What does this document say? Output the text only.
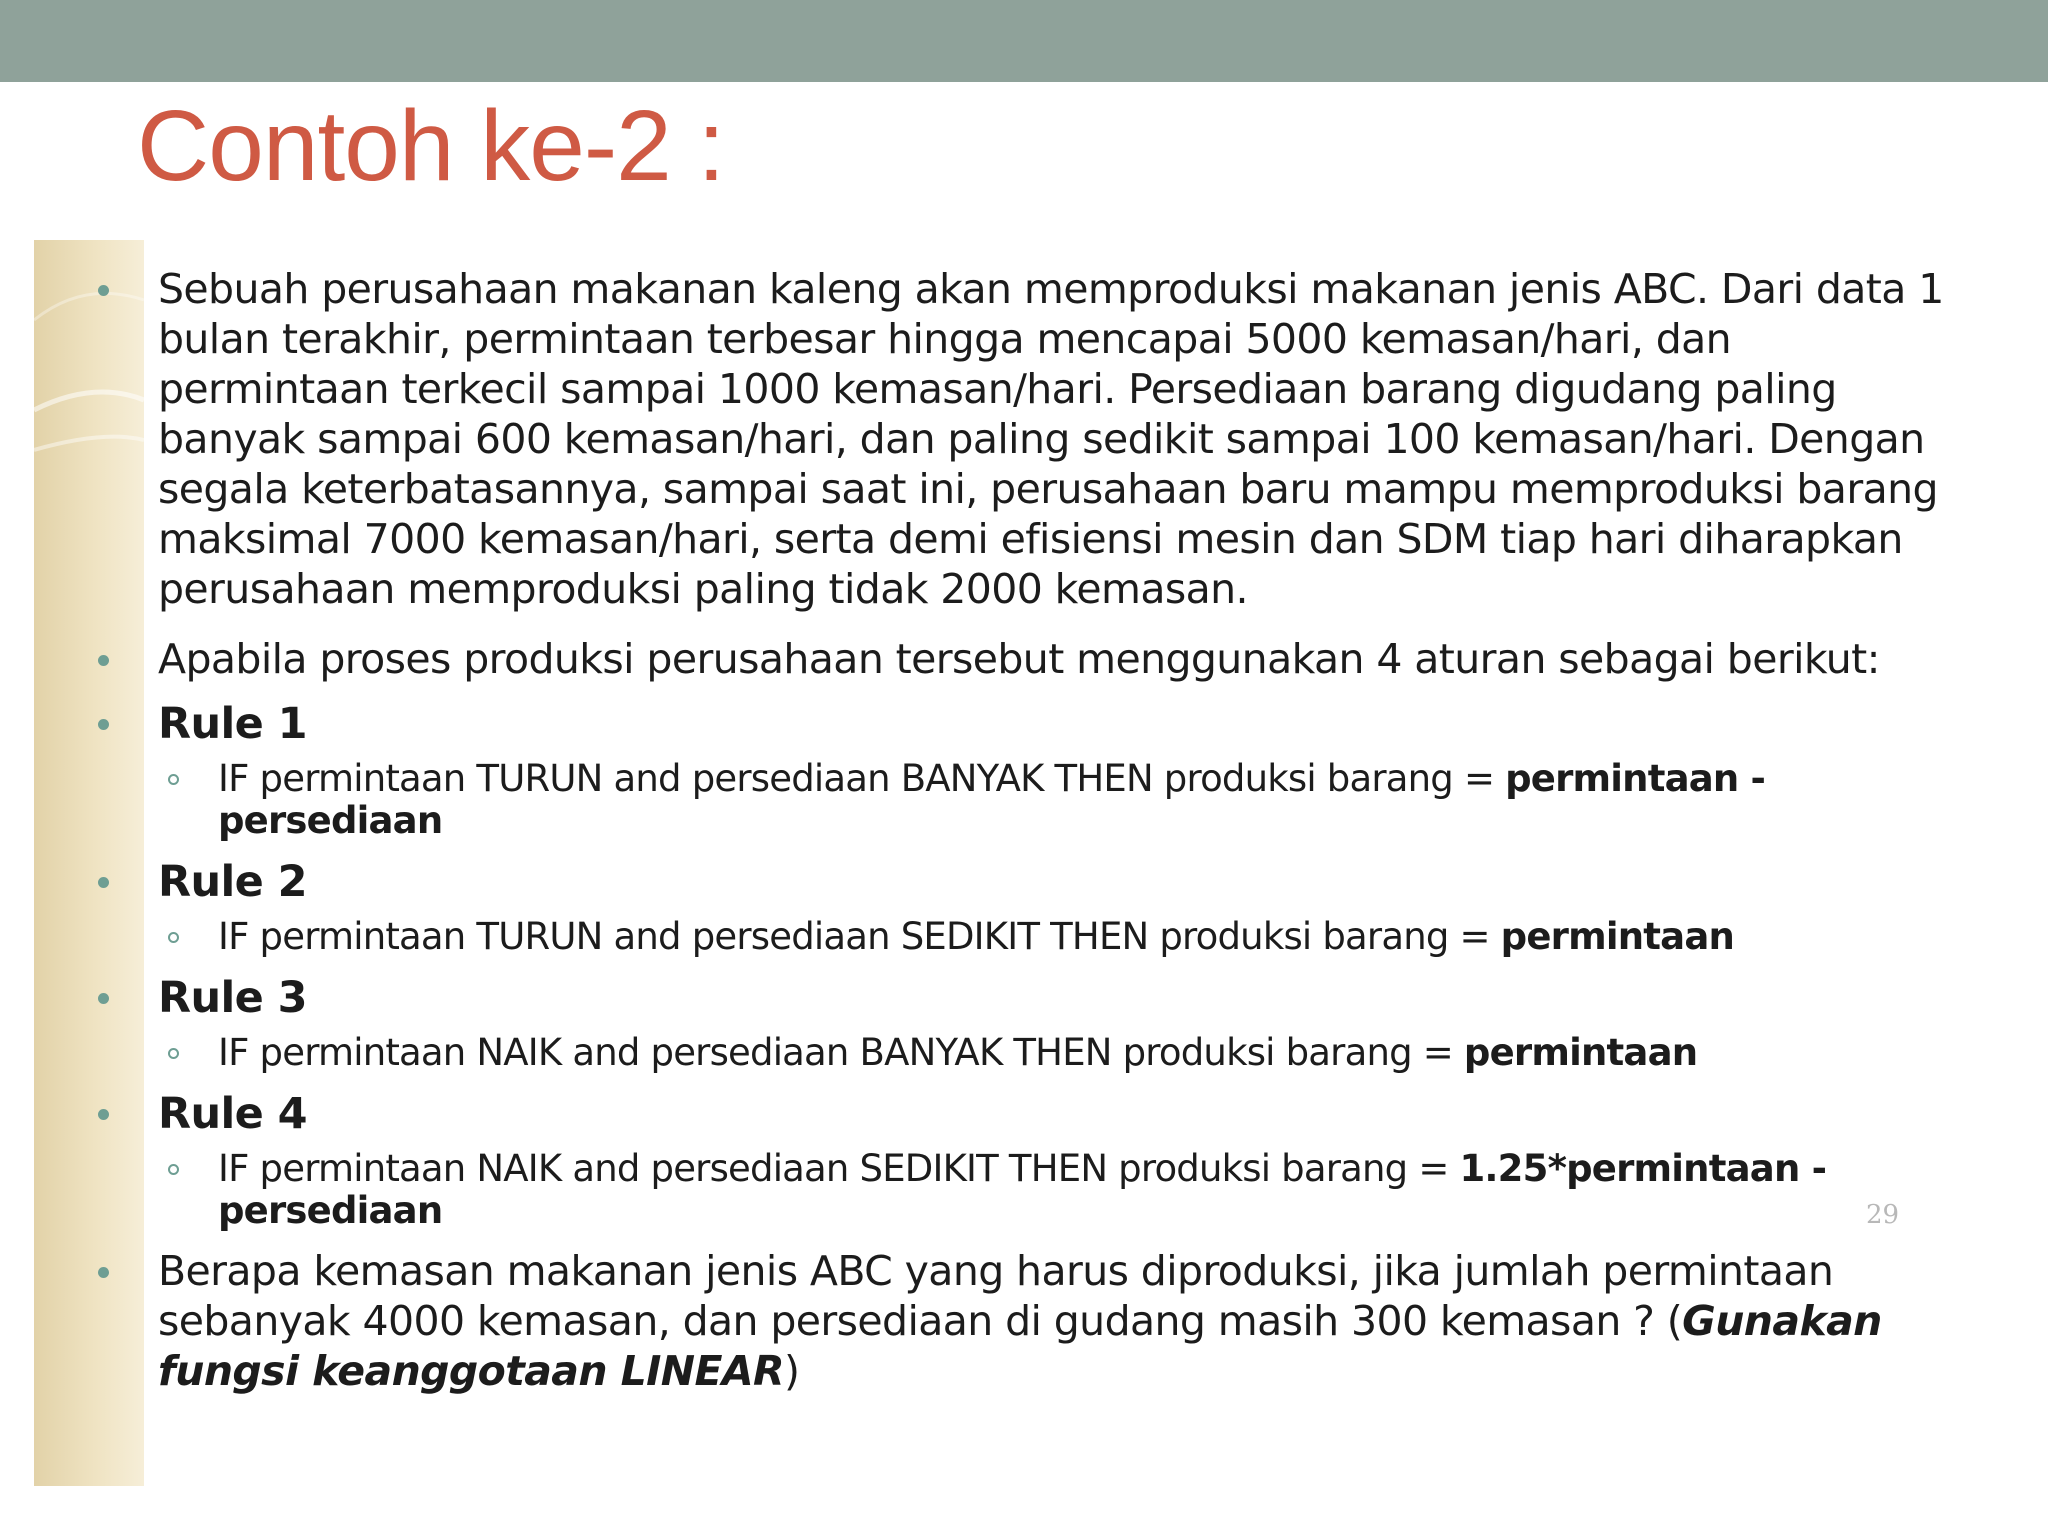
Contoh ke-2 :
29
Sebuah perusahaan makanan kaleng akan memproduksi makanan jenis ABC. Dari data 1 bulan terakhir, permintaan terbesar hingga mencapai 5000 kemasan/hari, dan permintaan terkecil sampai 1000 kemasan/hari. Persediaan barang digudang paling banyak sampai 600 kemasan/hari, dan paling sedikit sampai 100 kemasan/hari. Dengan segala keterbatasannya, sampai saat ini, perusahaan baru mampu memproduksi barang maksimal 7000 kemasan/hari, serta demi efisiensi mesin dan SDM tiap hari diharapkan perusahaan memproduksi paling tidak 2000 kemasan.
Apabila proses produksi perusahaan tersebut menggunakan 4 aturan sebagai berikut:
Rule 1
IF permintaan TURUN and persediaan BANYAK THEN produksi barang = permintaan - persediaan
Rule 2
IF permintaan TURUN and persediaan SEDIKIT THEN produksi barang = permintaan
Rule 3
IF permintaan NAIK and persediaan BANYAK THEN produksi barang = permintaan
Rule 4
IF permintaan NAIK and persediaan SEDIKIT THEN produksi barang = 1.25*permintaan - persediaan
Berapa kemasan makanan jenis ABC yang harus diproduksi, jika jumlah permintaan sebanyak 4000 kemasan, dan persediaan di gudang masih 300 kemasan ? (Gunakan fungsi keanggotaan LINEAR)
